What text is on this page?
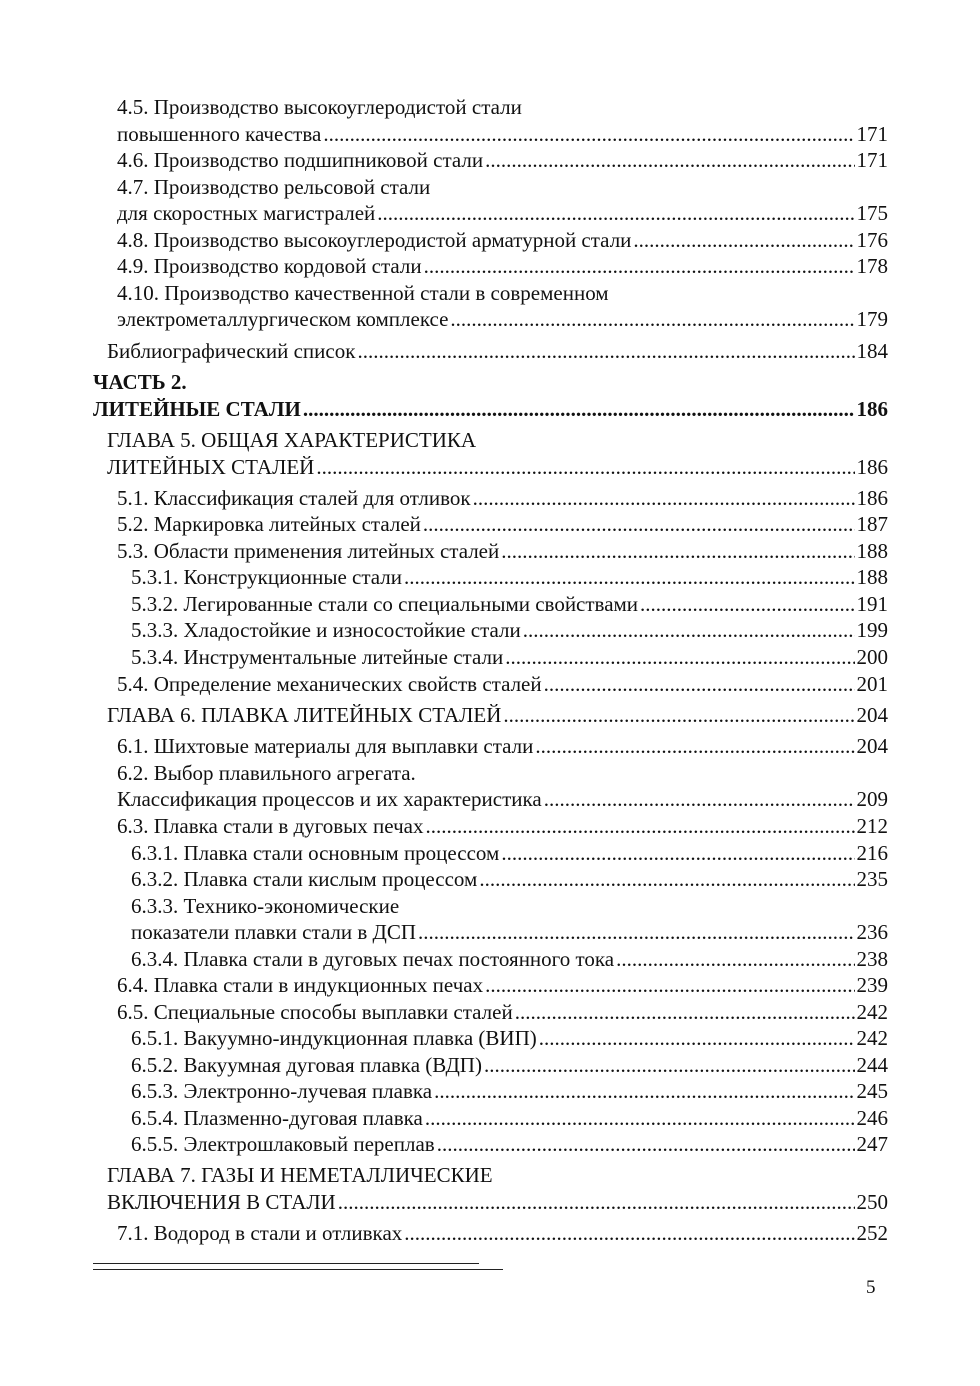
4.5. Производство высокоуглеродистой стали
повышенного качества .....	171
4.6. Производство подшипниковой стали .....	171
4.7. Производство рельсовой стали
для скоростных магистралей .....	175
4.8. Производство высокоуглеродистой арматурной стали .....	176
4.9. Производство кордовой стали .....	178
4.10. Производство качественной стали в современном
электрометаллургическом комплексе .....	179
Библиографический список .....	184
ЧАСТЬ 2.
ЛИТЕЙНЫЕ СТАЛИ .....	186
ГЛАВА 5. ОБЩАЯ ХАРАКТЕРИСТИКА
ЛИТЕЙНЫХ СТАЛЕЙ .....	186
5.1. Классификация сталей для отливок .....	186
5.2. Маркировка литейных сталей .....	187
5.3. Области применения литейных сталей .....	188
5.3.1. Конструкционные стали .....	188
5.3.2. Легированные стали со специальными свойствами .....	191
5.3.3. Хладостойкие и износостойкие стали .....	199
5.3.4. Инструментальные литейные стали .....	200
5.4. Определение механических свойств сталей .....	201
ГЛАВА 6. ПЛАВКА ЛИТЕЙНЫХ СТАЛЕЙ .....	204
6.1. Шихтовые материалы для выплавки стали .....	204
6.2. Выбор плавильного агрегата.
Классификация процессов и их характеристика .....	209
6.3. Плавка стали в дуговых печах .....	212
6.3.1. Плавка стали основным процессом .....	216
6.3.2. Плавка стали кислым процессом .....	235
6.3.3. Технико-экономические
показатели плавки стали в ДСП .....	236
6.3.4. Плавка стали в дуговых печах постоянного тока .....	238
6.4. Плавка стали в индукционных печах .....	239
6.5. Специальные способы выплавки сталей .....	242
6.5.1. Вакуумно-индукционная плавка (ВИП) .....	242
6.5.2. Вакуумная дуговая плавка (ВДП) .....	244
6.5.3. Электронно-лучевая плавка .....	245
6.5.4. Плазменно-дуговая плавка .....	246
6.5.5. Электрошлаковый переплав .....	247
ГЛАВА 7. ГАЗЫ И НЕМЕТАЛЛИЧЕСКИЕ
ВКЛЮЧЕНИЯ В СТАЛИ .....	250
7.1. Водород в стали и отливках .....	252
5
